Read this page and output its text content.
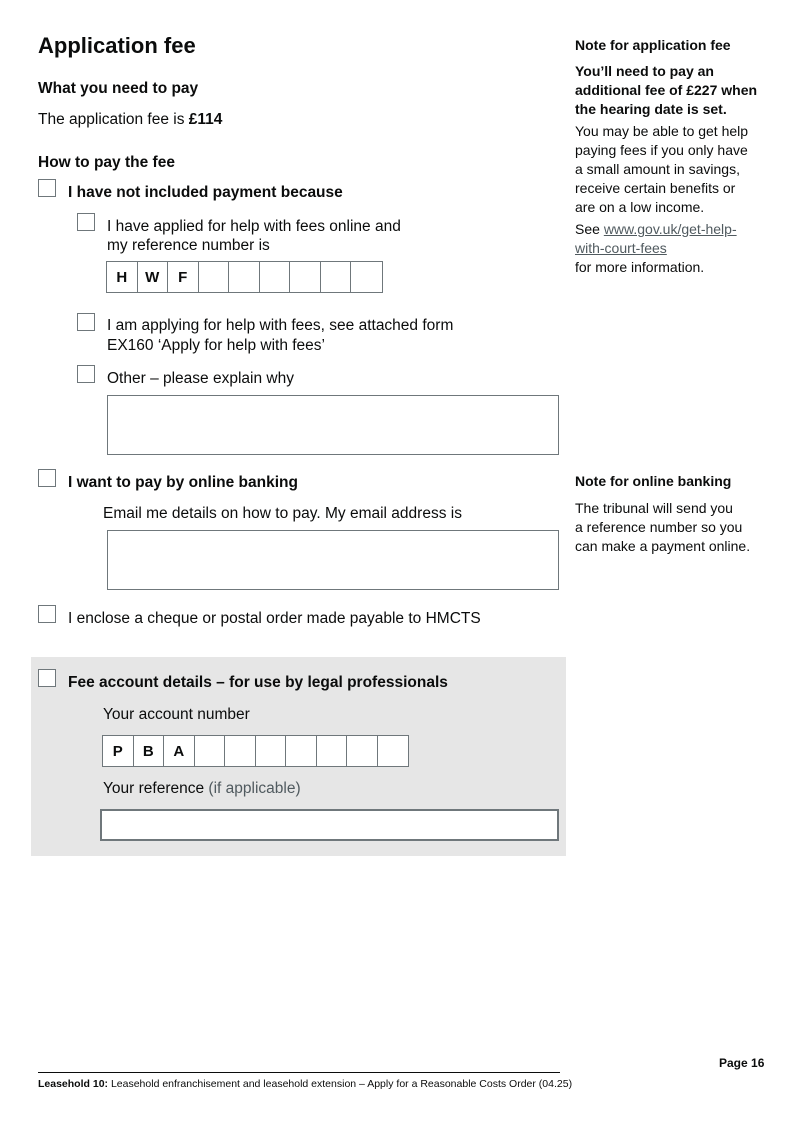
Application fee
What you need to pay
The application fee is £114
How to pay the fee
I have not included payment because
I have applied for help with fees online and
my reference number is
H	W	F
I am applying for help with fees, see attached form
EX160 ‘Apply for help with fees’
Other – please explain why
I want to pay by online banking
Email me details on how to pay. My email address is
I enclose a cheque or postal order made payable to HMCTS
Fee account details – for use by legal professionals
Your account number
P	B	A
Your reference (if applicable)
Note for application fee
You’ll need to pay an
additional fee of £227 when
the hearing date is set.
You may be able to get help
paying fees if you only have
a small amount in savings,
receive certain benefits or
are on a low income.
See www.gov.uk/get-help-
with-court-fees
for more information.
Note for online banking
The tribunal will send you
a reference number so you
can make a payment online.
Page 16
Leasehold 10: Leasehold enfranchisement and leasehold extension – Apply for a Reasonable Costs Order (04.25)
